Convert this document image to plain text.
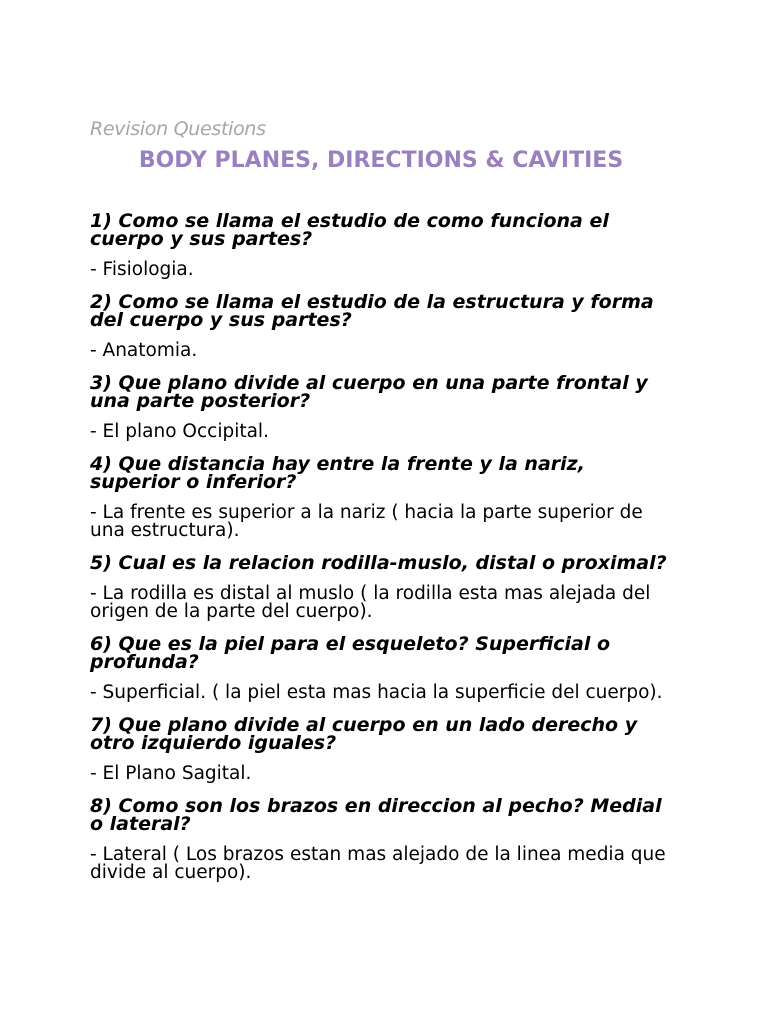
Revision Questions

BODY PLANES, DIRECTIONS & CAVITIES

1) Como se llama el estudio de como funciona el cuerpo y sus partes?

- Fisiologia.

2) Como se llama el estudio de la estructura y forma del cuerpo y sus partes?

- Anatomia.

3) Que plano divide al cuerpo en una parte frontal y una parte posterior?

- El plano Occipital.

4) Que distancia hay entre la frente y la nariz, superior o inferior?

- La frente es superior a la nariz ( hacia la parte superior de una estructura).

5) Cual es la relacion rodilla-muslo, distal o proximal?

- La rodilla es distal al muslo ( la rodilla esta mas alejada del origen de la parte del cuerpo).

6) Que es la piel para el esqueleto? Superficial o profunda?

- Superficial. ( la piel esta mas hacia la superficie del cuerpo).

7) Que plano divide al cuerpo en un lado derecho y otro izquierdo iguales?

- El Plano Sagital.

8) Como son los brazos en direccion al pecho? Medial o lateral?

- Lateral ( Los brazos estan mas alejado de la linea media que divide al cuerpo).
